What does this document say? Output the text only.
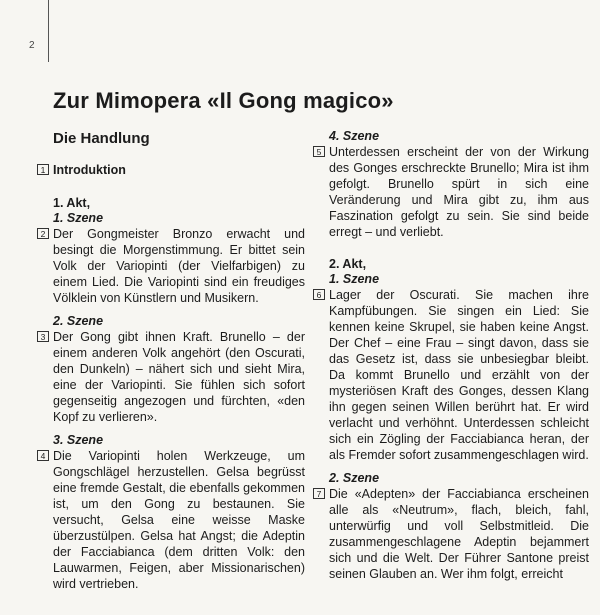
2
Zur Mimopera «Il Gong magico»
Die Handlung
1 Introduktion
1. Akt,
1. Szene

2 Der Gongmeister Bronzo erwacht und besingt die Morgenstimmung. Er bittet sein Volk der Variopinti (der Vielfarbigen) zu einem Lied. Die Variopinti sind ein freudiges Völklein von Künstlern und Musikern.

2. Szene

3 Der Gong gibt ihnen Kraft. Brunello – der einem anderen Volk angehört (den Oscurati, den Dunkeln) – nähert sich und sieht Mira, eine der Variopinti. Sie fühlen sich sofort gegenseitig angezogen und fürchten, «den Kopf zu verlieren».

3. Szene

4 Die Variopinti holen Werkzeuge, um Gongschlägel herzustellen. Gelsa begrüsst eine fremde Gestalt, die ebenfalls gekommen ist, um den Gong zu bestaunen. Sie versucht, Gelsa eine weisse Maske überzustülpen. Gelsa hat Angst; die Adeptin der Facciabianca (dem dritten Volk: den Lauwarmen, Feigen, aber Missionarischen) wird vertrieben.

4. Szene

5 Unterdessen erscheint der von der Wirkung des Gonges erschreckte Brunello; Mira ist ihm gefolgt. Brunello spürt in sich eine Veränderung und Mira gibt zu, ihm aus Faszination gefolgt zu sein. Sie sind beide erregt – und verliebt.

2. Akt,
1. Szene

6 Lager der Oscurati. Sie machen ihre Kampfübungen. Sie singen ein Lied: Sie kennen keine Skrupel, sie haben keine Angst. Der Chef – eine Frau – singt davon, dass sie das Gesetz ist, dass sie unbesiegbar bleibt. Da kommt Brunello und erzählt von der mysteriösen Kraft des Gonges, dessen Klang ihn gegen seinen Willen berührt hat. Er wird verlacht und verhöhnt. Unterdessen schleicht sich ein Zögling der Facciabianca heran, der als Fremder sofort zusammengeschlagen wird.

2. Szene

7 Die «Adepten» der Facciabianca erscheinen alle als «Neutrum», flach, bleich, fahl, unterwürfig und voll Selbstmitleid. Die zusammengeschlagene Adeptin bejammert sich und die Welt. Der Führer Santone preist seinen Glauben an. Wer ihm folgt, erreicht
